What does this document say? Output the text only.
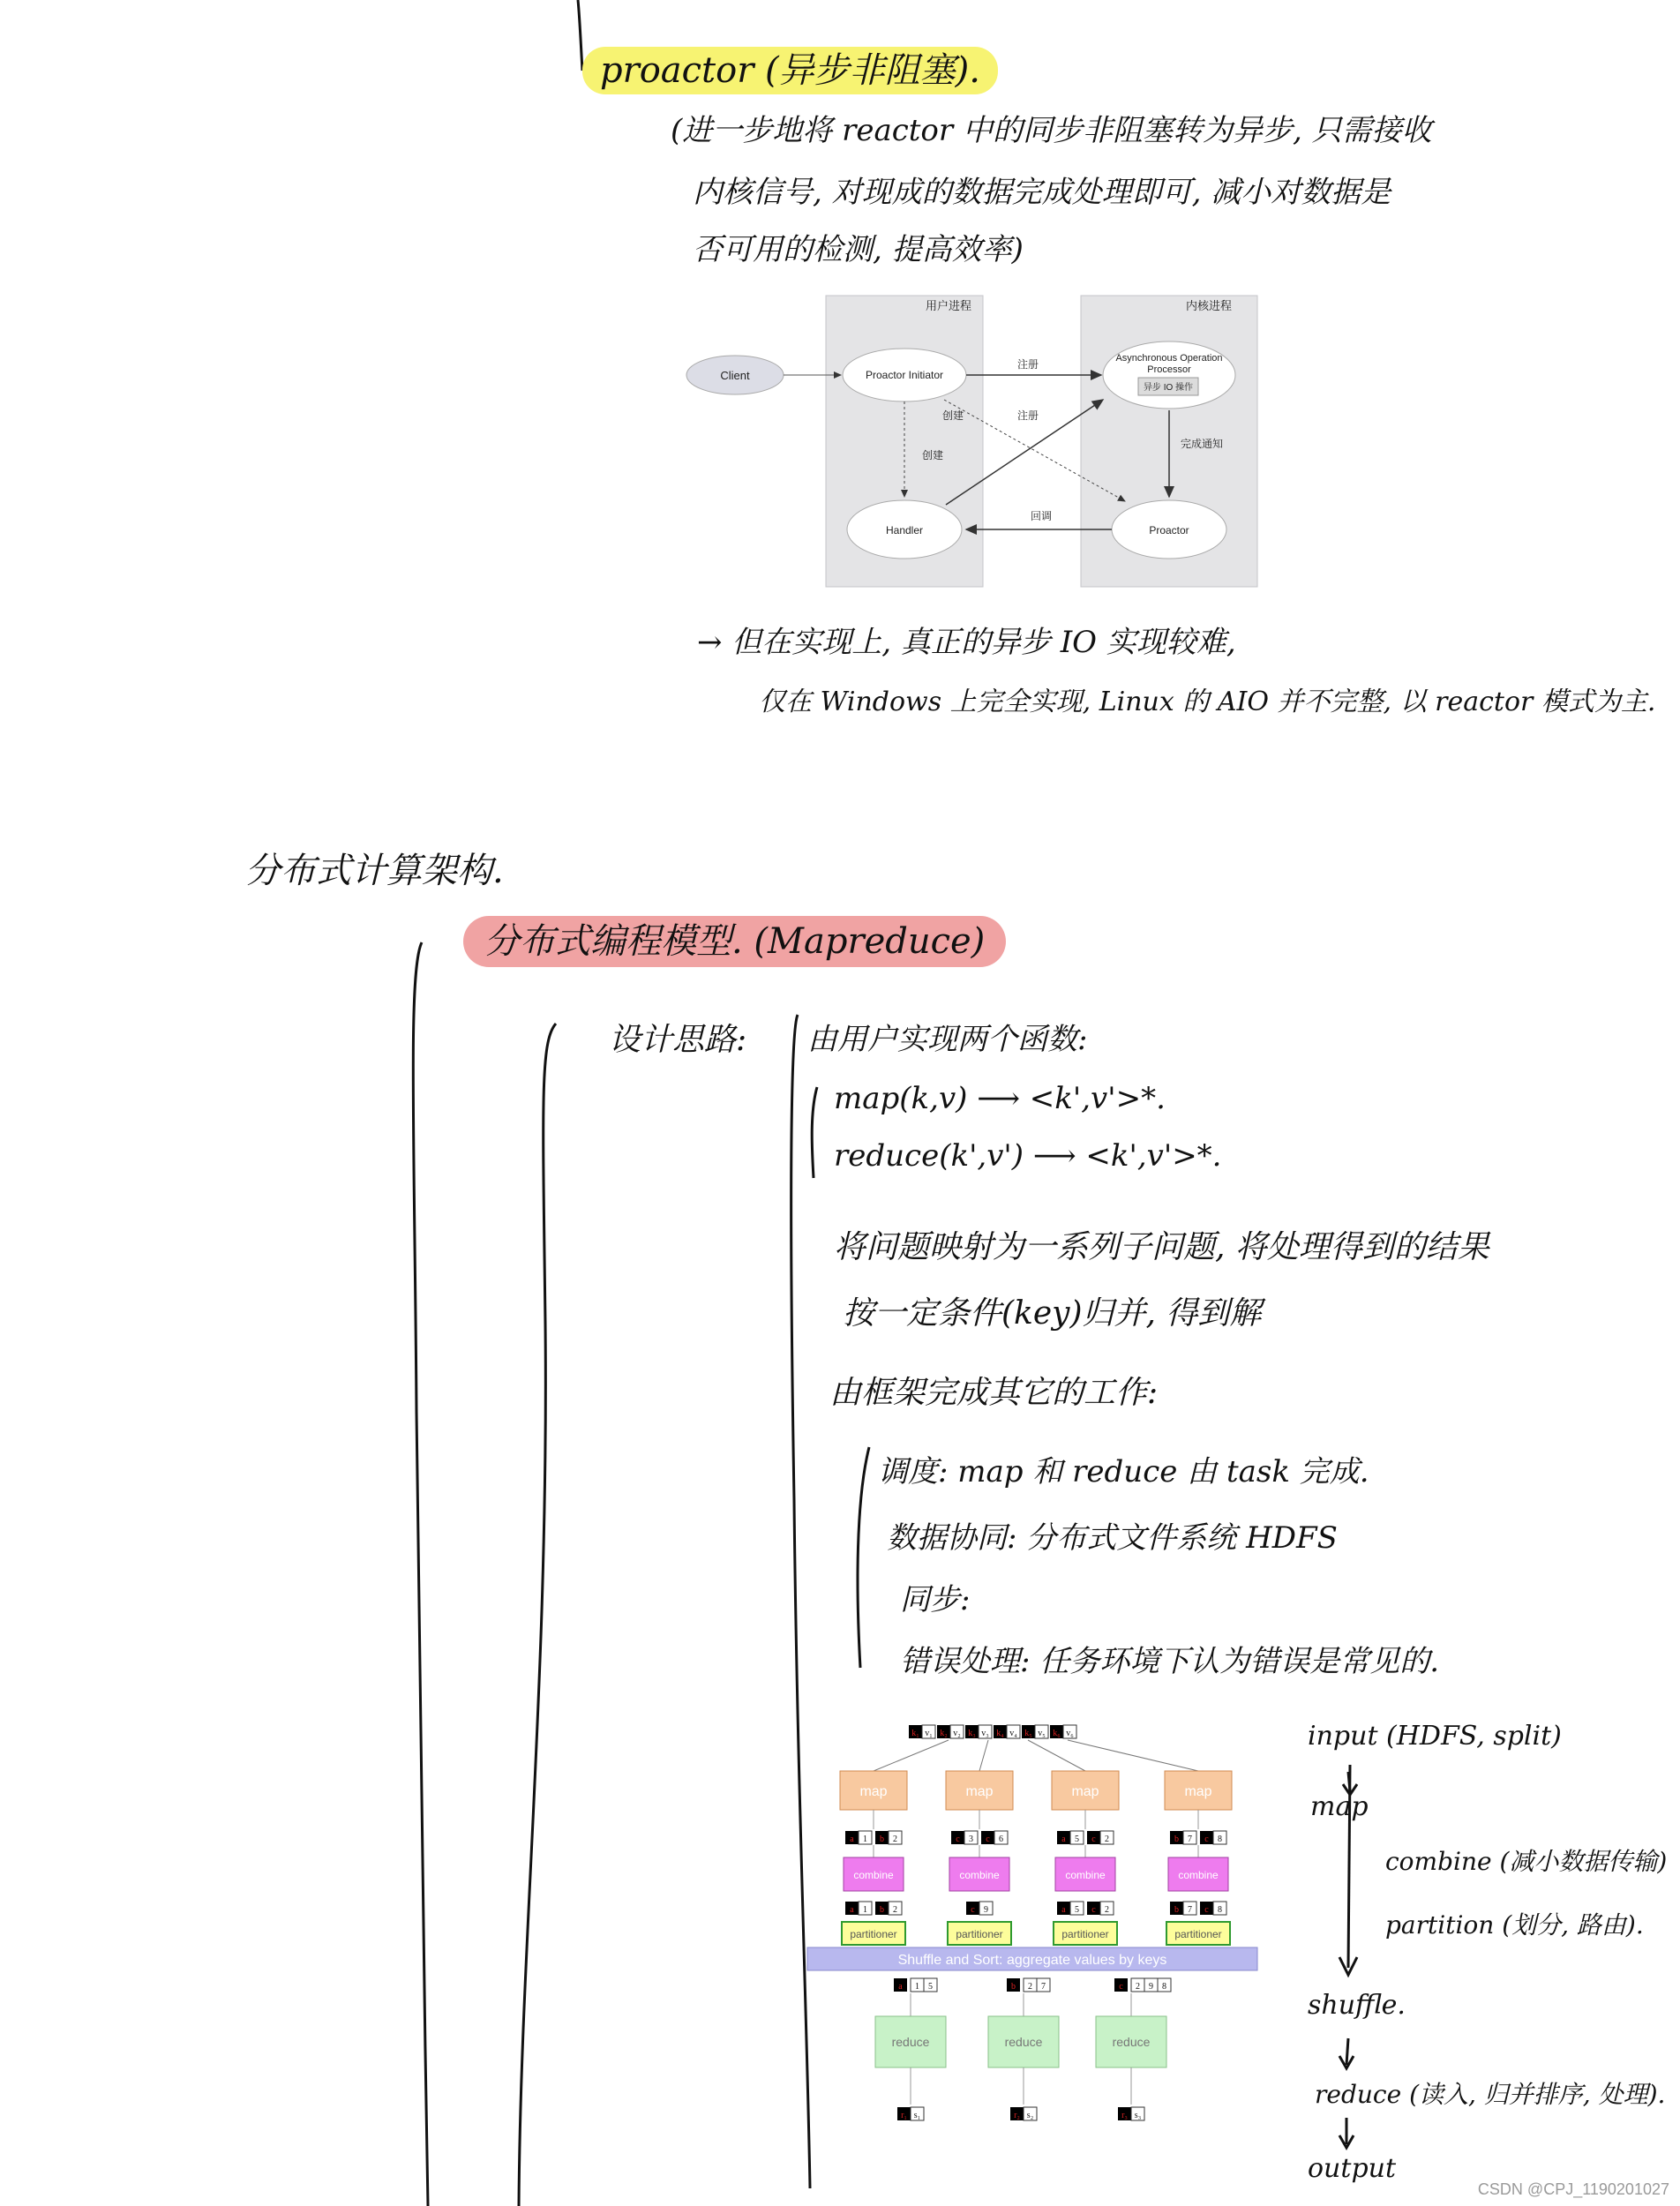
proactor (异步非阻塞).
(进一步地将 reactor 中的同步非阻塞转为异步, 只需接收
内核信号, 对现成的数据完成处理即可, 减小对数据是
否可用的检测, 提高效率)
用户进程	内核进程
Client	Proactor Initiator
Asynchronous Operation
Processor
异步 IO 操作
Handler	Proactor
注册
注册
创建
创建
完成通知
回调
→ 但在实现上, 真正的异步 IO 实现较难,
仅在 Windows 上完全实现, Linux 的 AIO 并不完整, 以 reactor 模式为主.
分布式计算架构.
分布式编程模型. (Mapreduce)
设计思路: 由用户实现两个函数:
map(k,v) ⟶ <k',v'>*.
reduce(k',v') ⟶ <k',v'>*.
将问题映射为一系列子问题, 将处理得到的结果
按一定条件(key)归并, 得到解
由框架完成其它的工作:
调度: map 和 reduce 由 task 完成.
数据协同: 分布式文件系统 HDFS
同步:
错误处理: 任务环境下认为错误是常见的.
input (HDFS, split)
map
combine (减小数据传输)
partition (划分, 路由).
shuffle.
reduce (读入, 归并排序, 处理).
output
k₁ v₁ k₂ v₂ k₃ v₃ k₄ v₄ k₅ v₅ k₆ v₆
map
a 1 b 2
combine
a 1 b 2
partitioner
map
c 3 c 6
combine
c 9
partitioner
map
a 5 c 2
combine
a 5 c 2
partitioner
map
b 7 c 8
combine
b 7 c 8
partitioner
Shuffle and Sort: aggregate values by keys
a 1 5
reduce
r₁ s₁
b 2 7
reduce
r₂ s₂
c 2 9 8
reduce
r₃ s₃
CSDN @CPJ_1190201027
